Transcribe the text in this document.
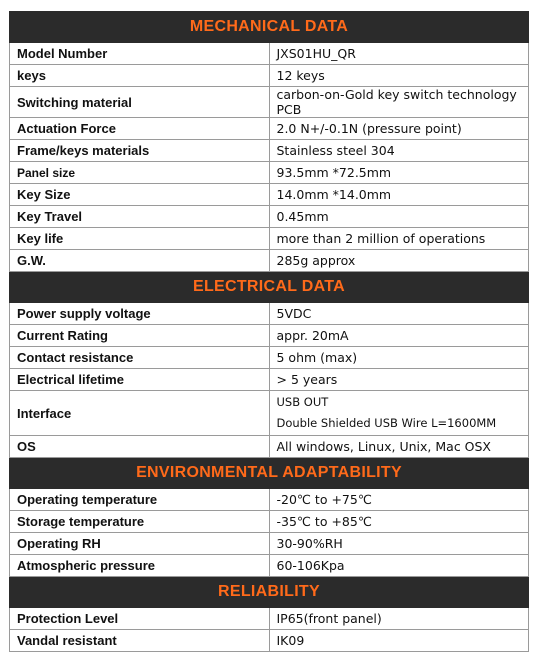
MECHANICAL DATA	
Model Number	JXS01HU_QR
keys	12 keys
Switching material	carbon-on-Gold key switch technology PCB
Actuation Force	2.0 N+/-0.1N (pressure point)
Frame/keys materials	Stainless steel 304
Panel size	93.5mm *72.5mm
Key Size	14.0mm *14.0mm
Key Travel	0.45mm
Key life	more than 2 million of operations
G.W.	285g approx
ELECTRICAL DATA	
Power supply voltage	5VDC
Current Rating	appr. 20mA
Contact resistance	5 ohm (max)
Electrical lifetime	> 5 years
Interface	USB OUT
Double Shielded USB Wire L=1600MM

OS	All windows, Linux, Unix, Mac OSX
ENVIRONMENTAL ADAPTABILITY	
Operating temperature	-20℃ to +75℃
Storage temperature	-35℃ to +85℃
Operating RH	30-90%RH
Atmospheric pressure	60-106Kpa
RELIABILITY	
Protection Level	IP65(front panel)
Vandal resistant	IK09
